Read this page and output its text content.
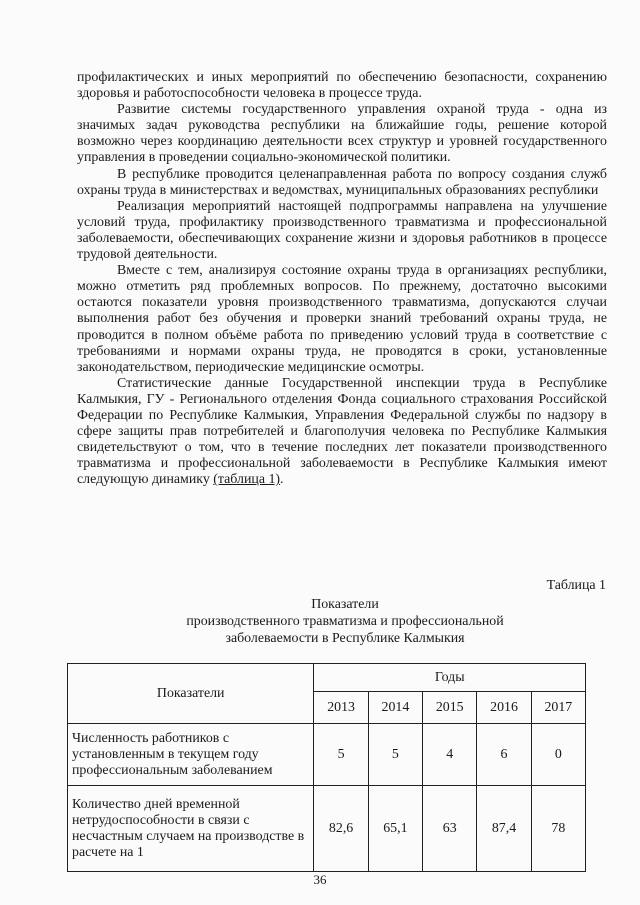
профилактических и иных мероприятий по обеспечению безопасности, сохранению здоровья и работоспособности человека в процессе труда.

Развитие системы государственного управления охраной труда - одна из значимых задач руководства республики на ближайшие годы, решение которой возможно через координацию деятельности всех структур и уровней государственного управления в проведении социально-экономической политики.

В республике проводится целенаправленная работа по вопросу создания служб охраны труда в министерствах и ведомствах, муниципальных образованиях республики

Реализация мероприятий настоящей подпрограммы направлена на улучшение условий труда, профилактику производственного травматизма и профессиональной заболеваемости, обеспечивающих сохранение жизни и здоровья работников в процессе трудовой деятельности.

Вместе с тем, анализируя состояние охраны труда в организациях республики, можно отметить ряд проблемных вопросов. По прежнему, достаточно высокими остаются показатели уровня производственного травматизма, допускаются случаи выполнения работ без обучения и проверки знаний требований охраны труда, не проводится в полном объёме работа по приведению условий труда в соответствие с требованиями и нормами охраны труда, не проводятся в сроки, установленные законодательством, периодические медицинские осмотры.

Статистические данные Государственной инспекции труда в Республике Калмыкия, ГУ - Регионального отделения Фонда социального страхования Российской Федерации по Республике Калмыкия, Управления Федеральной службы по надзору в сфере защиты прав потребителей и благополучия человека по Республике Калмыкия свидетельствуют о том, что в течение последних лет показатели производственного травматизма и профессиональной заболеваемости в Республике Калмыкия имеют следующую динамику (таблица 1).

Таблица 1
Показатели
производственного травматизма и профессиональной
заболеваемости в Республике Калмыкия
Показатели	Годы				
	2013	2014	2015	2016	2017
Численность работников с установленным в текущем году профессиональным заболеванием	5	5	4	6	0
Количество дней временной нетрудоспособности в связи с несчастным случаем на производстве в расчете на 1	82,6	65,1	63	87,4	78
36
